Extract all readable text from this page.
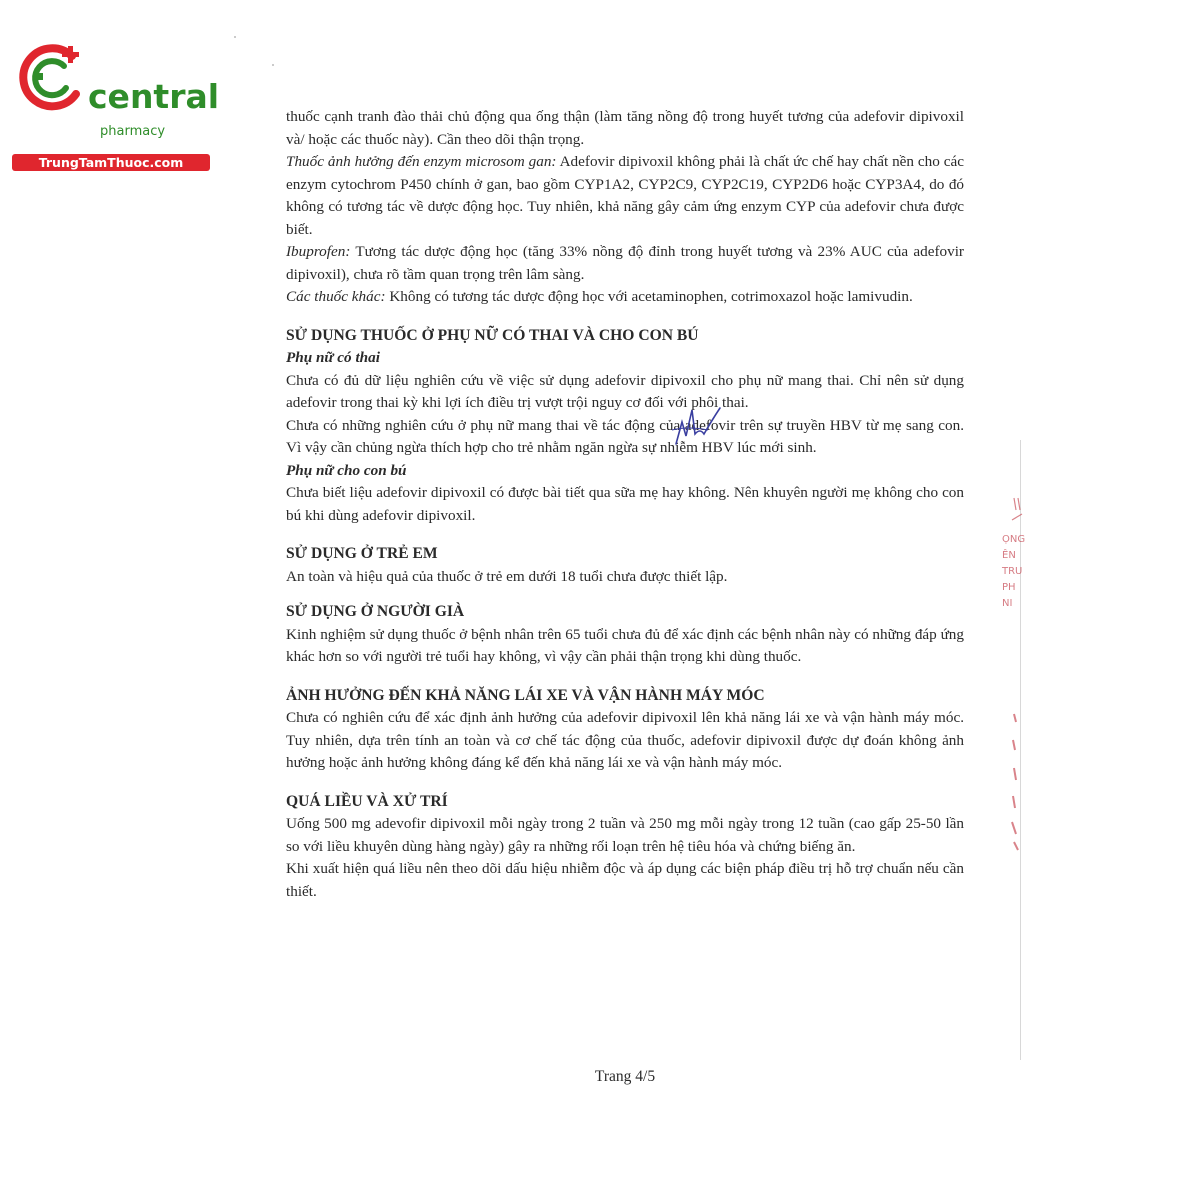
central
pharmacy
TrungTamThuoc.com

thuốc cạnh tranh đào thải chủ động qua ống thận (làm tăng nồng độ trong huyết tương của adefovir dipivoxil và/ hoặc các thuốc này). Cần theo dõi thận trọng.

Thuốc ảnh hưởng đến enzym microsom gan: Adefovir dipivoxil không phải là chất ức chế hay chất nền cho các enzym cytochrom P450 chính ở gan, bao gồm CYP1A2, CYP2C9, CYP2C19, CYP2D6 hoặc CYP3A4, do đó không có tương tác về dược động học. Tuy nhiên, khả năng gây cảm ứng enzym CYP của adefovir chưa được biết.

Ibuprofen: Tương tác dược động học (tăng 33% nồng độ đỉnh trong huyết tương và 23% AUC của adefovir dipivoxil), chưa rõ tầm quan trọng trên lâm sàng.

Các thuốc khác: Không có tương tác dược động học với acetaminophen, cotrimoxazol hoặc lamivudin.

SỬ DỤNG THUỐC Ở PHỤ NỮ CÓ THAI VÀ CHO CON BÚ

Phụ nữ có thai

Chưa có đủ dữ liệu nghiên cứu về việc sử dụng adefovir dipivoxil cho phụ nữ mang thai. Chỉ nên sử dụng adefovir trong thai kỳ khi lợi ích điều trị vượt trội nguy cơ đối với phôi thai.

Chưa có những nghiên cứu ở phụ nữ mang thai về tác động của adefovir trên sự truyền HBV từ mẹ sang con. Vì vậy cần chủng ngừa thích hợp cho trẻ nhằm ngăn ngừa sự nhiễm HBV lúc mới sinh.

Phụ nữ cho con bú

Chưa biết liệu adefovir dipivoxil có được bài tiết qua sữa mẹ hay không. Nên khuyên người mẹ không cho con bú khi dùng adefovir dipivoxil.

SỬ DỤNG Ở TRẺ EM

An toàn và hiệu quả của thuốc ở trẻ em dưới 18 tuổi chưa được thiết lập.

SỬ DỤNG Ở NGƯỜI GIÀ

Kinh nghiệm sử dụng thuốc ở bệnh nhân trên 65 tuổi chưa đủ để xác định các bệnh nhân này có những đáp ứng khác hơn so với người trẻ tuổi hay không, vì vậy cần phải thận trọng khi dùng thuốc.

ẢNH HƯỞNG ĐẾN KHẢ NĂNG LÁI XE VÀ VẬN HÀNH MÁY MÓC

Chưa có nghiên cứu để xác định ảnh hưởng của adefovir dipivoxil lên khả năng lái xe và vận hành máy móc. Tuy nhiên, dựa trên tính an toàn và cơ chế tác động của thuốc, adefovir dipivoxil được dự đoán không ảnh hưởng hoặc ảnh hưởng không đáng kể đến khả năng lái xe và vận hành máy móc.

QUÁ LIỀU VÀ XỬ TRÍ

Uống 500 mg adevofir dipivoxil mỗi ngày trong 2 tuần và 250 mg mỗi ngày trong 12 tuần (cao gấp 25-50 lần so với liều khuyên dùng hàng ngày) gây ra những rối loạn trên hệ tiêu hóa và chứng biếng ăn.

Khi xuất hiện quá liều nên theo dõi dấu hiệu nhiễm độc và áp dụng các biện pháp điều trị hỗ trợ chuẩn nếu cần thiết.

Trang 4/5
ỌNG
ÊN
TRU
PH
NI
